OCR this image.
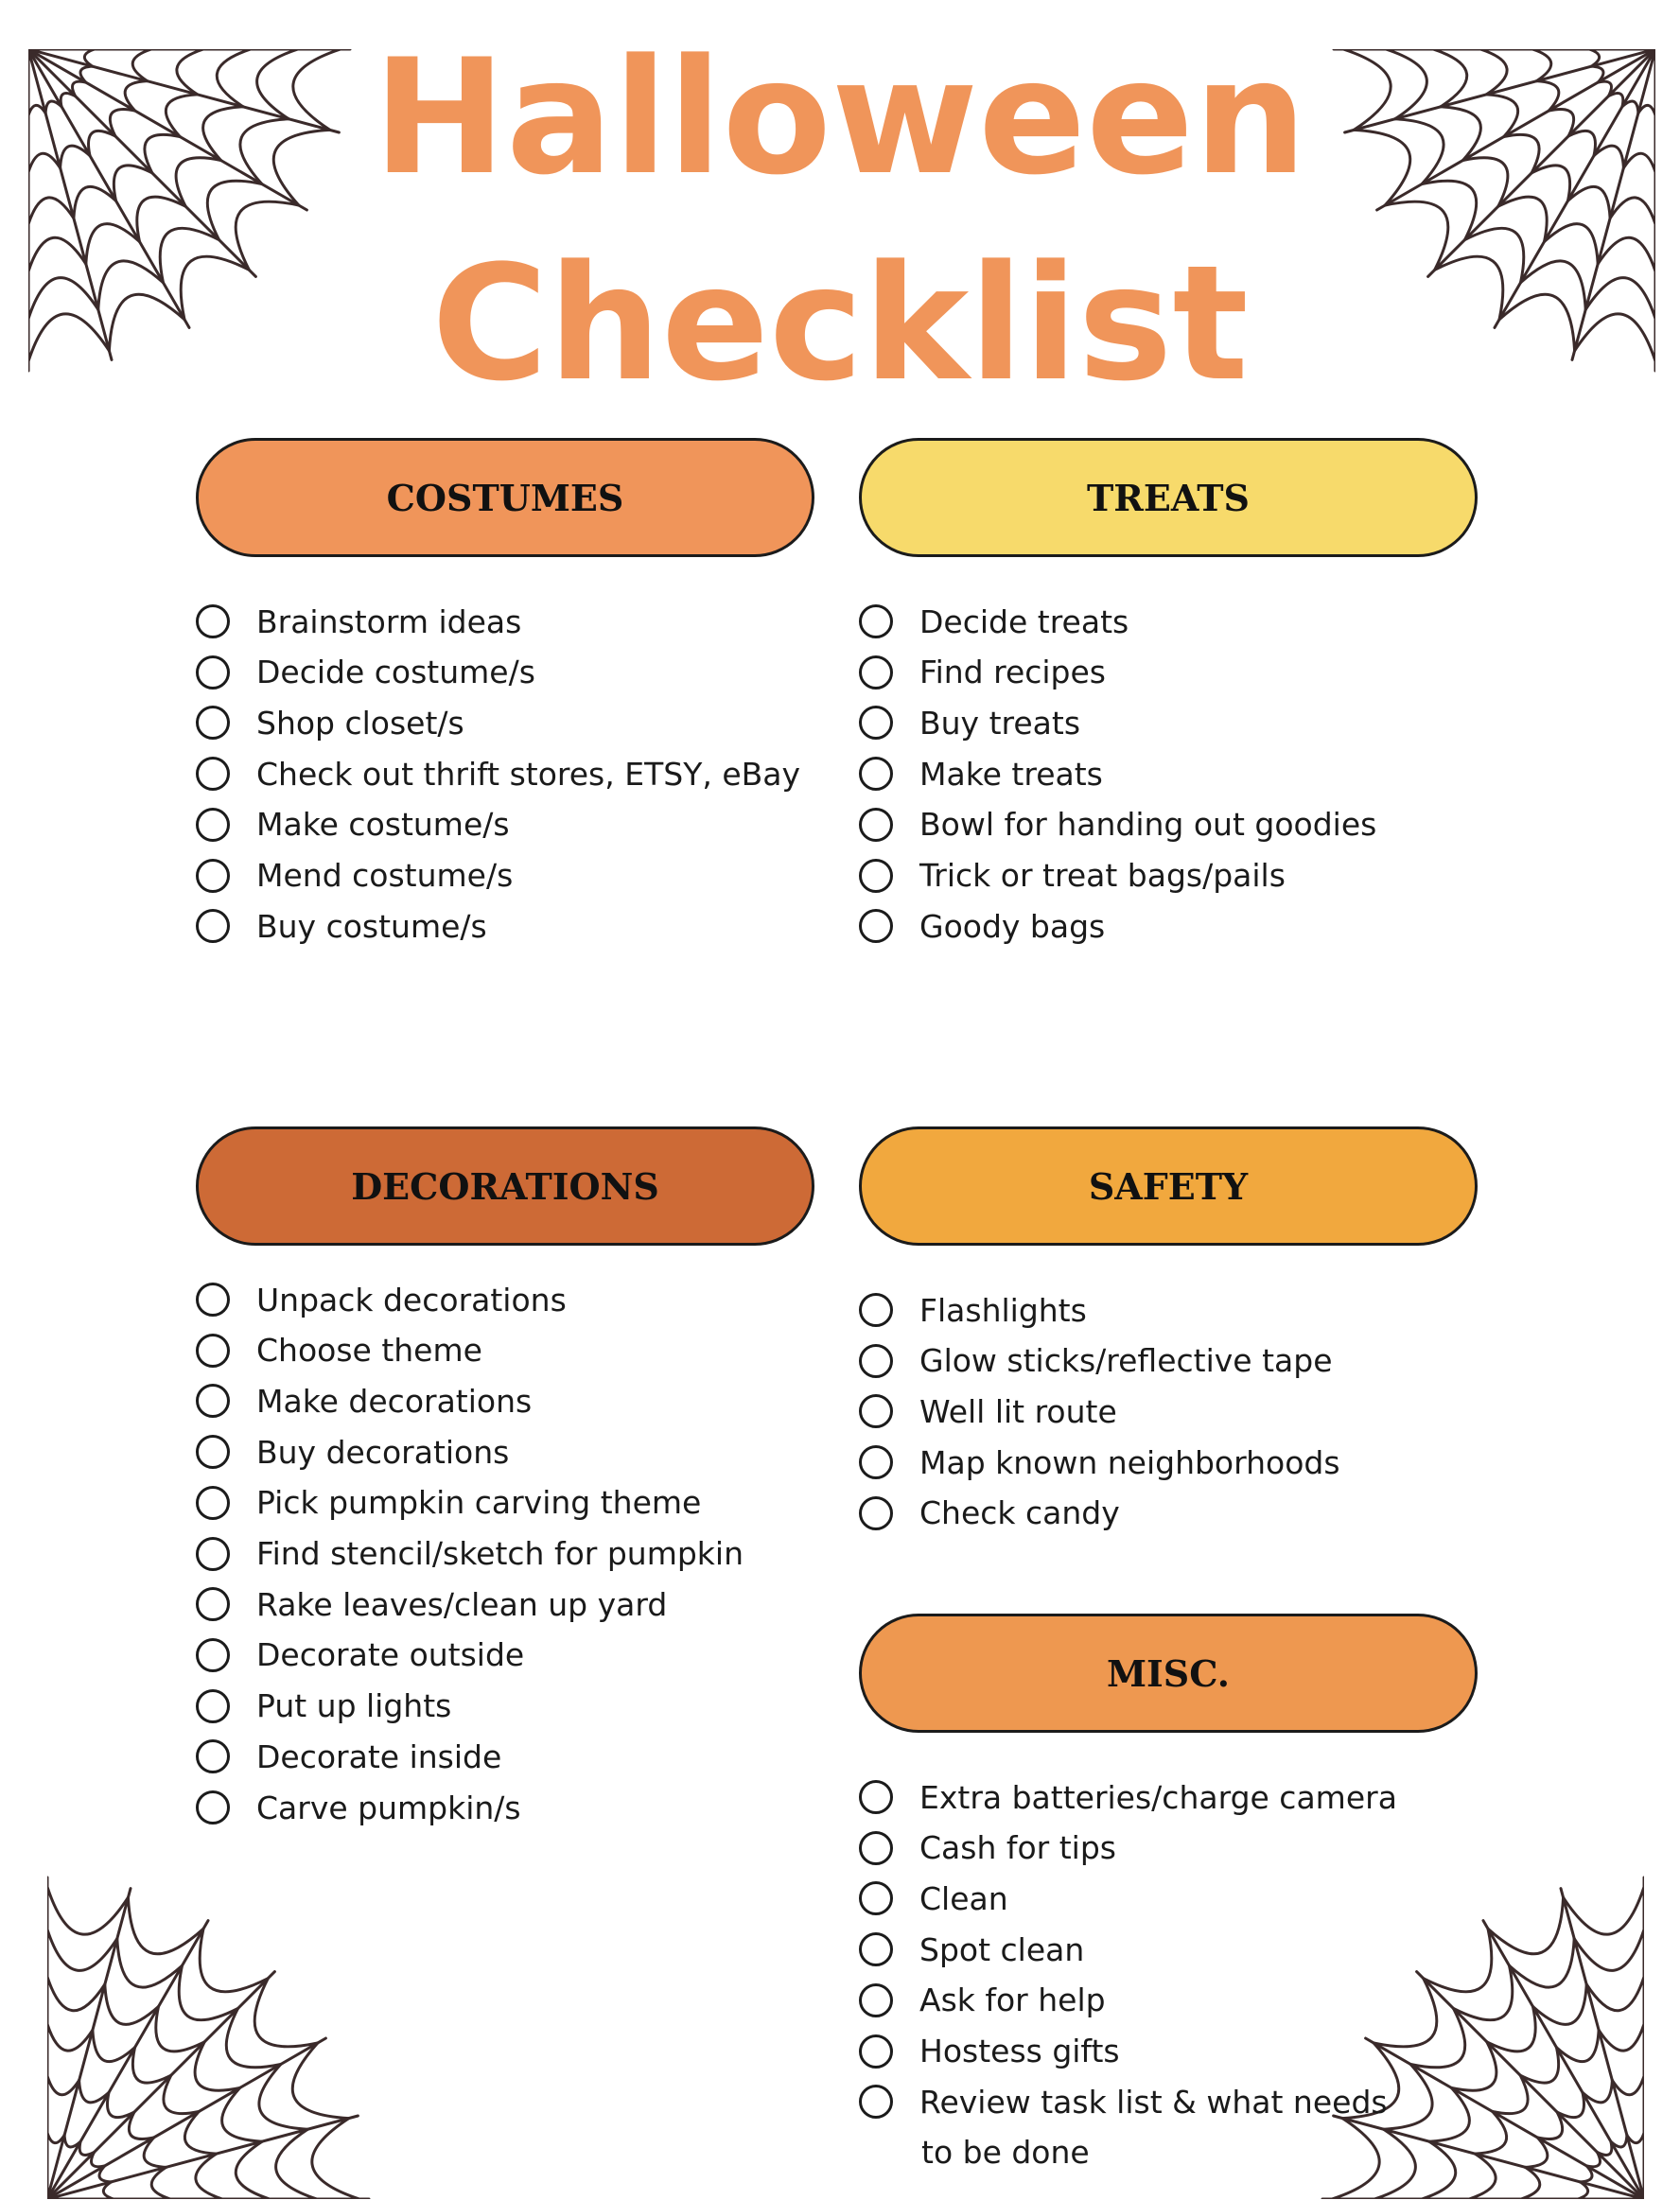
Halloween
Checklist
COSTUMES	TREATS
DECORATIONS	SAFETY
MISC.
Brainstorm ideas
Decide costume/s
Shop closet/s
Check out thrift stores, ETSY, eBay
Make costume/s
Mend costume/s
Buy costume/s
Decide treats
Find recipes
Buy treats
Make treats
Bowl for handing out goodies
Trick or treat bags/pails
Goody bags
Unpack decorations
Choose theme
Make decorations
Buy decorations
Pick pumpkin carving theme
Find stencil/sketch for pumpkin
Rake leaves/clean up yard
Decorate outside
Put up lights
Decorate inside
Carve pumpkin/s
Flashlights
Glow sticks/reflective tape
Well lit route
Map known neighborhoods
Check candy
Extra batteries/charge camera
Cash for tips
Clean
Spot clean
Ask for help
Hostess gifts
Review task list & what needs
to be done
